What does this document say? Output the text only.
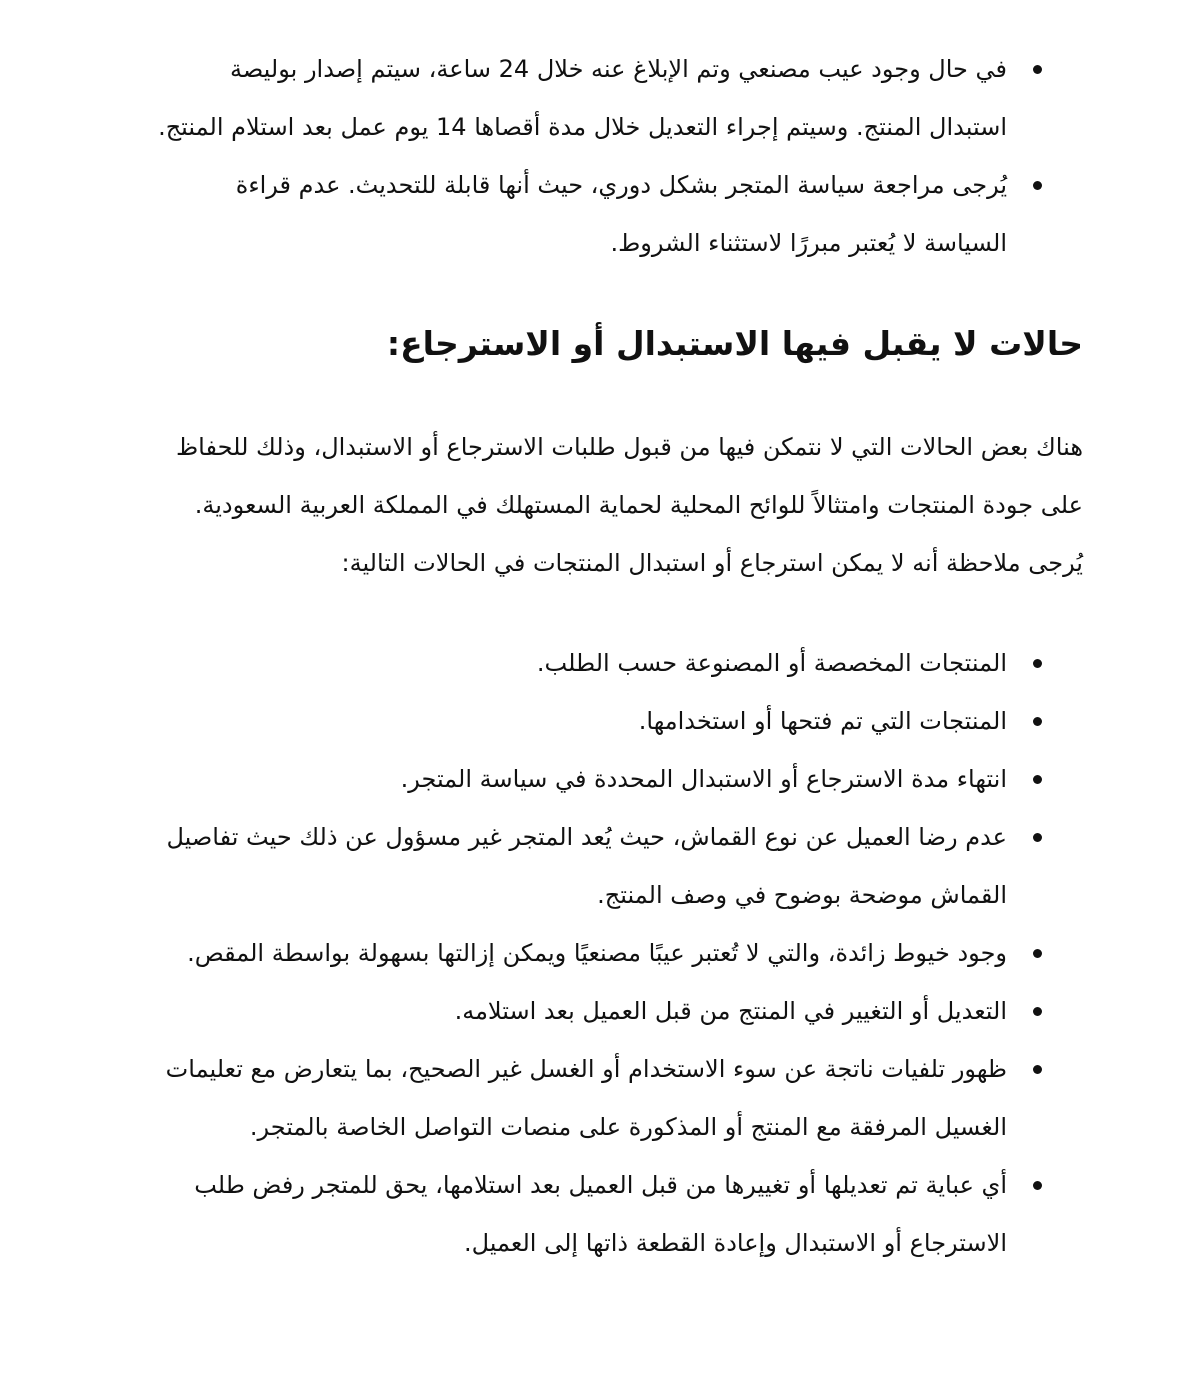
في حال وجود عيب مصنعي وتم الإبلاغ عنه خلال 24 ساعة، سيتم إصدار بوليصة استبدال المنتج. وسيتم إجراء التعديل خلال مدة أقصاها 14 يوم عمل بعد استلام المنتج.
يُرجى مراجعة سياسة المتجر بشكل دوري، حيث أنها قابلة للتحديث. عدم قراءة السياسة لا يُعتبر مبررًا لاستثناء الشروط.
حالات لا يقبل فيها الاستبدال أو الاسترجاع:

هناك بعض الحالات التي لا نتمكن فيها من قبول طلبات الاسترجاع أو الاستبدال، وذلك للحفاظ على جودة المنتجات وامتثالاً للوائح المحلية لحماية المستهلك في المملكة العربية السعودية. يُرجى ملاحظة أنه لا يمكن استرجاع أو استبدال المنتجات في الحالات التالية:

المنتجات المخصصة أو المصنوعة حسب الطلب.
المنتجات التي تم فتحها أو استخدامها.
انتهاء مدة الاسترجاع أو الاستبدال المحددة في سياسة المتجر.
عدم رضا العميل عن نوع القماش، حيث يُعد المتجر غير مسؤول عن ذلك حيث تفاصيل القماش موضحة بوضوح في وصف المنتج.
وجود خيوط زائدة، والتي لا تُعتبر عيبًا مصنعيًا ويمكن إزالتها بسهولة بواسطة المقص.
التعديل أو التغيير في المنتج من قبل العميل بعد استلامه.
ظهور تلفيات ناتجة عن سوء الاستخدام أو الغسل غير الصحيح، بما يتعارض مع تعليمات الغسيل المرفقة مع المنتج أو المذكورة على منصات التواصل الخاصة بالمتجر.
أي عباية تم تعديلها أو تغييرها من قبل العميل بعد استلامها، يحق للمتجر رفض طلب الاسترجاع أو الاستبدال وإعادة القطعة ذاتها إلى العميل.
